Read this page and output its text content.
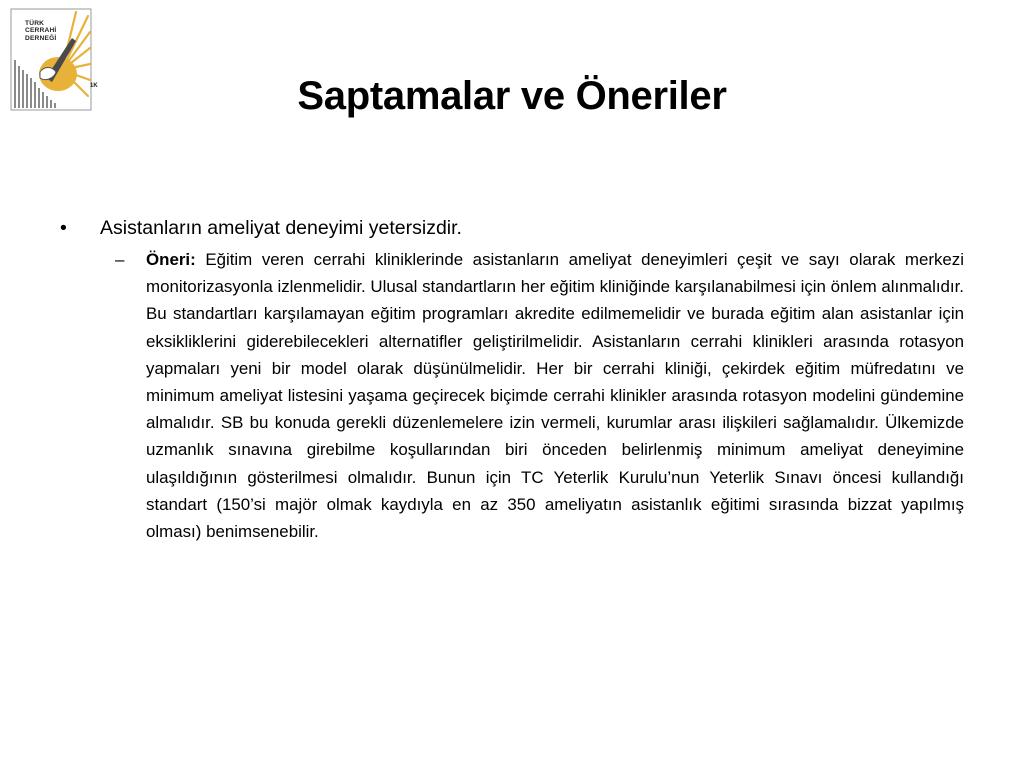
TÜRK
CERRAHİ
DERNEĞİ
1K	Saptamalar ve Öneriler
•	Asistanların ameliyat deneyimi yetersizdir.
– Öneri: Eğitim veren cerrahi kliniklerinde asistanların ameliyat deneyimleri çeşit ve sayı olarak merkezi monitorizasyonla izlenmelidir. Ulusal standartların her eğitim kliniğinde karşılanabilmesi için önlem alınmalıdır. Bu standartları karşılamayan eğitim programları akredite edilmemelidir ve burada eğitim alan asistanlar için eksikliklerini giderebilecekleri alternatifler geliştirilmelidir. Asistanların cerrahi klinikleri arasında rotasyon yapmaları yeni bir model olarak düşünülmelidir. Her bir cerrahi kliniği, çekirdek eğitim müfredatını ve minimum ameliyat listesini yaşama geçirecek biçimde cerrahi klinikler arasında rotasyon modelini gündemine almalıdır. SB bu konuda gerekli düzenlemelere izin vermeli, kurumlar arası ilişkileri sağlamalıdır. Ülkemizde uzmanlık sınavına girebilme koşullarından biri önceden belirlenmiş minimum ameliyat deneyimine ulaşıldığının gösterilmesi olmalıdır. Bunun için TC Yeterlik Kurulu’nun Yeterlik Sınavı öncesi kullandığı standart (150’si majör olmak kaydıyla en az 350 ameliyatın asistanlık eğitimi sırasında bizzat yapılmış olması) benimsenebilir.
